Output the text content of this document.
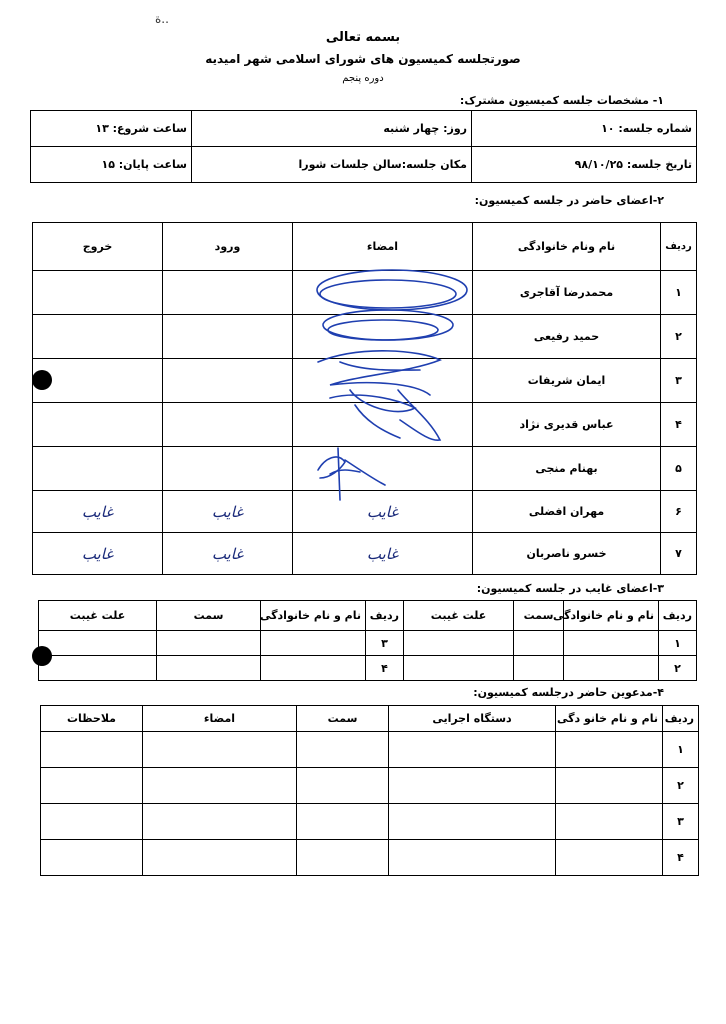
ة..
بسمه تعالی
صورتجلسه کمیسیون های شورای اسلامی شهر امیدیه
دوره پنجم
۱- مشخصات جلسه کمیسیون مشترک:
شماره جلسه: ۱۰	روز: چهار شنبه	ساعت شروع: ۱۳
تاریخ جلسه: ۹۸/۱۰/۲۵	مکان جلسه:سالن جلسات شورا	ساعت پایان: ۱۵
۲-اعضای حاضر در جلسه کمیسیون:
ردیف	نام ونام خانوادگی	امضاء	ورود	خروج
۱	محمدرضا آقاجری			
۲	حمید رفیعی			
۳	ایمان شریفات			
۴	عباس قدیری نژاد			
۵	بهنام منجی			
۶	مهران افضلی	غایب	غایب	غایب
۷	خسرو ناصربان	غایب	غایب	غایب
۳-اعضای غایب در جلسه کمیسیون:
ردیف	نام و نام خانوادگی	سمت	علت غیبت	ردیف	نام و نام خانوادگی	سمت	علت غیبت
۱				۳			
۲				۴			
۴-مدعوین حاضر درجلسه کمیسیون:
ردیف	نام و نام خانو دگی	دستگاه اجرایی	سمت	امضاء	ملاحظات
۱					
۲					
۳					
۴					
